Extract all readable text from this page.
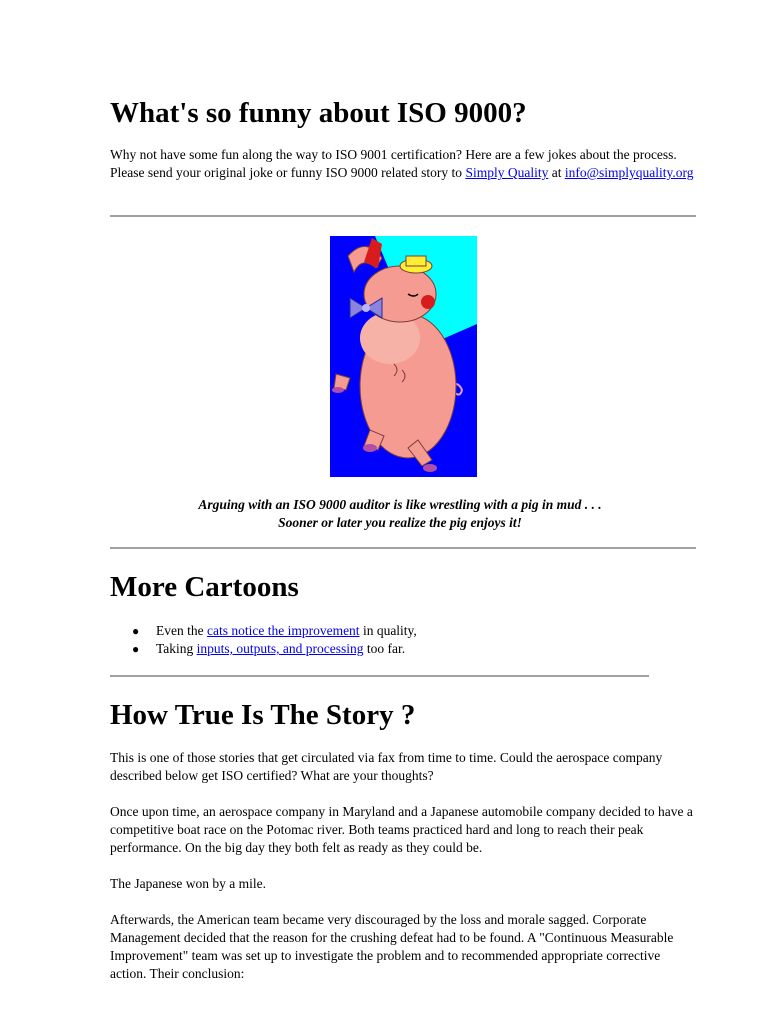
What's so funny about ISO 9000?

Why not have some fun along the way to ISO 9001 certification? Here are a few jokes about the process. Please send your original joke or funny ISO 9000 related story to Simply Quality at info@simplyquality.org

Arguing with an ISO 9000 auditor is like wrestling with a pig in mud . . .
Sooner or later you realize the pig enjoys it!
More Cartoons
● Even the cats notice the improvement in quality,
● Taking inputs, outputs, and processing too far.
How True Is The Story ?

This is one of those stories that get circulated via fax from time to time. Could the aerospace company described below get ISO certified? What are your thoughts?

Once upon time, an aerospace company in Maryland and a Japanese automobile company decided to have a competitive boat race on the Potomac river. Both teams practiced hard and long to reach their peak performance. On the big day they both felt as ready as they could be.

The Japanese won by a mile.

Afterwards, the American team became very discouraged by the loss and morale sagged. Corporate Management decided that the reason for the crushing defeat had to be found. A "Continuous Measurable Improvement" team was set up to investigate the problem and to recommended appropriate corrective action. Their conclusion:
